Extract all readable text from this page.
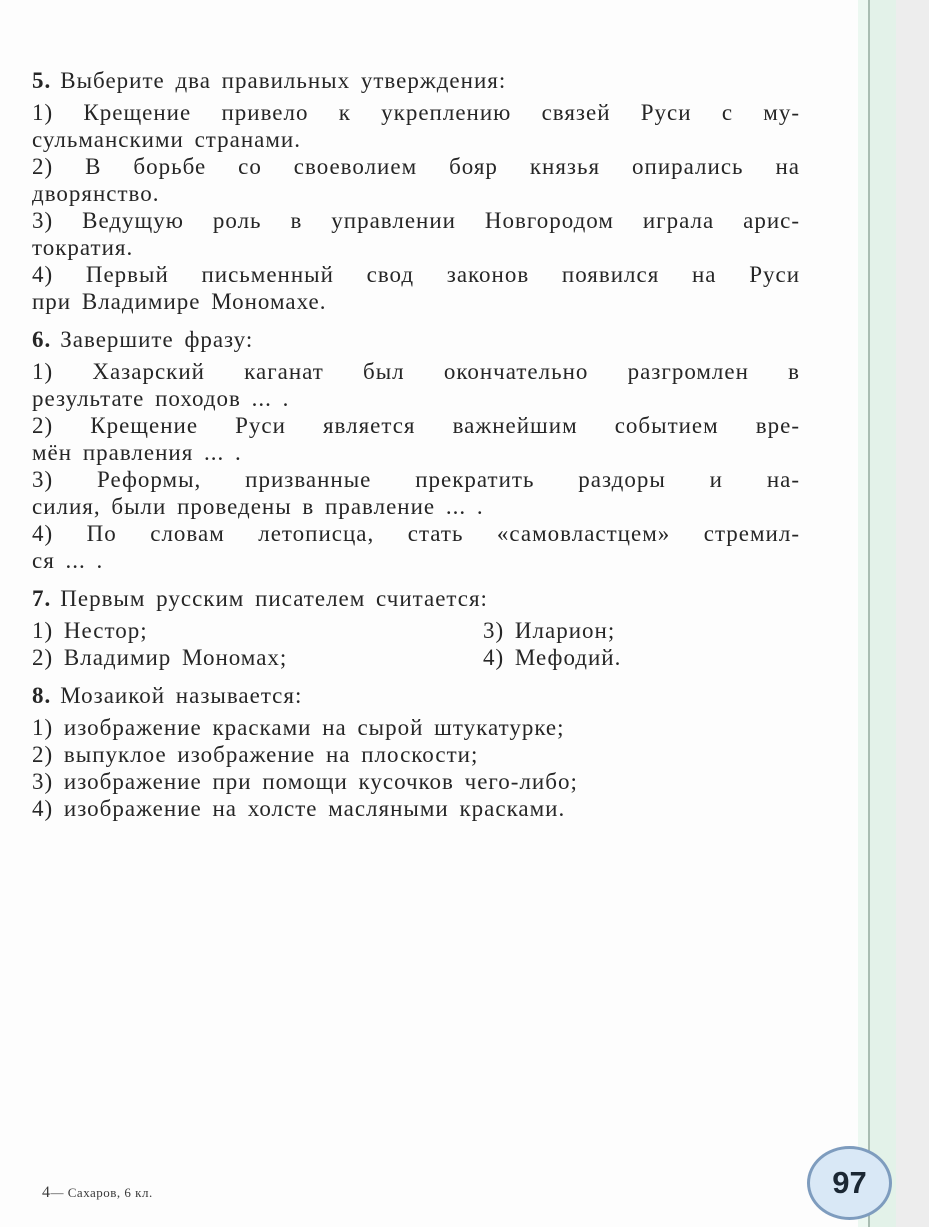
5. Выберите два правильных утверждения:
1) Крещение привело к укреплению связей Руси с му-
сульманскими странами.
2) В борьбе со своеволием бояр князья опирались на
дворянство.
3) Ведущую роль в управлении Новгородом играла арис-
тократия.
4) Первый письменный свод законов появился на Руси
при Владимире Мономахе.
6. Завершите фразу:
1) Хазарский каганат был окончательно разгромлен в
результате походов ... .
2) Крещение Руси является важнейшим событием вре-
мён правления ... .
3) Реформы, призванные прекратить раздоры и на-
силия, были проведены в правление ... .
4) По словам летописца, стать «самовластцем» стремил-
ся ... .
7. Первым русским писателем считается:
1) Нестор;
2) Владимир Мономах;
3) Иларион;
4) Мефодий.
8. Мозаикой называется:
1) изображение красками на сырой штукатурке;
2) выпуклое изображение на плоскости;
3) изображение при помощи кусочков чего-либо;
4) изображение на холсте масляными красками.
4— Сахаров, 6 кл.	97
